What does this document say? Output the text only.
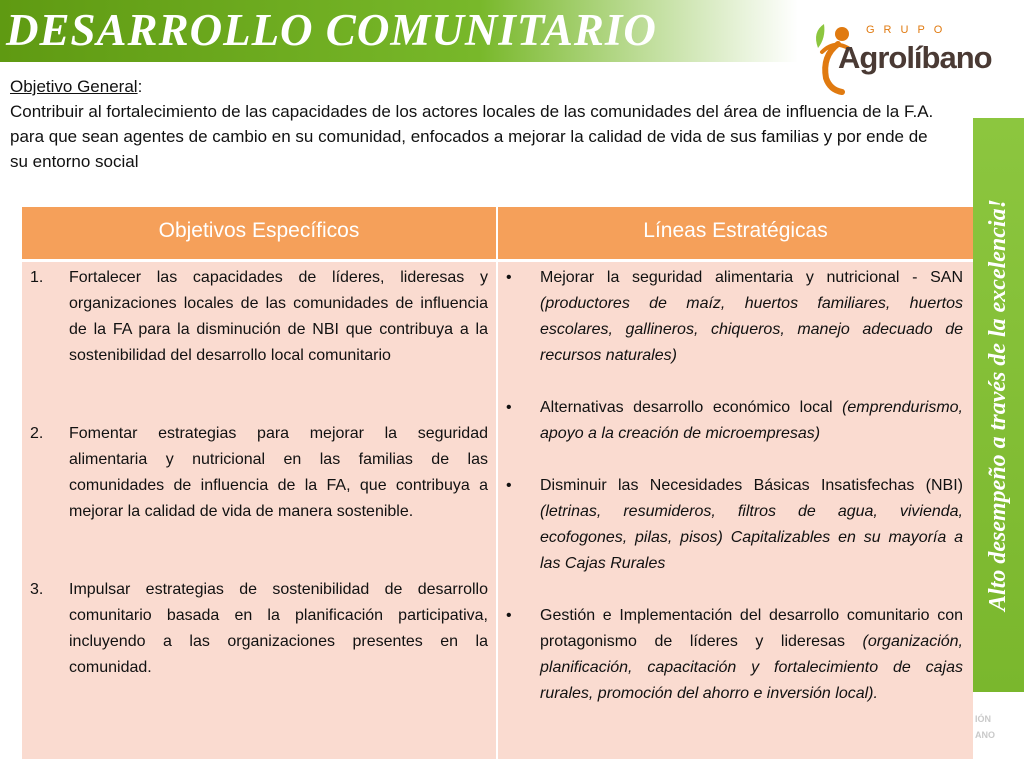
DESARROLLO COMUNITARIO	GRUPO
Agrolíbano
Alto desempeño a través de la excelencia!
Objetivo General:
Contribuir al fortalecimiento de las capacidades de los actores locales de las comunidades del área de influencia de la F.A. para que sean agentes de cambio en su comunidad, enfocados a mejorar la calidad de vida de sus familias y por ende de su entorno social
Objetivos Específicos	Líneas Estratégicas
1.	Fortalecer las capacidades de líderes, lideresas y organizaciones locales de las comunidades de influencia de la FA para la disminución de NBI que contribuya a la sostenibilidad del desarrollo local comunitario
2.	Fomentar estrategias para mejorar la seguridad alimentaria y nutricional en las familias de las comunidades de influencia de la FA, que contribuya a mejorar la calidad de vida de manera sostenible.
3.	Impulsar estrategias de sostenibilidad de desarrollo comunitario basada en la planificación participativa, incluyendo a las organizaciones presentes en la comunidad.
•	Mejorar la seguridad alimentaria y nutricional - SAN (productores de maíz, huertos familiares, huertos escolares, gallineros, chiqueros, manejo adecuado de recursos naturales)
•	Alternativas desarrollo económico local (emprendurismo, apoyo a la creación de microempresas)
•	Disminuir las Necesidades Básicas Insatisfechas (NBI) (letrinas, resumideros, filtros de agua, vivienda, ecofogones, pilas, pisos) Capitalizables en su mayoría a las Cajas Rurales
•	Gestión e Implementación del desarrollo comunitario con protagonismo de líderes y lideresas (organización, planificación, capacitación y fortalecimiento de cajas rurales, promoción del ahorro e inversión local).
IÓN
ANO
